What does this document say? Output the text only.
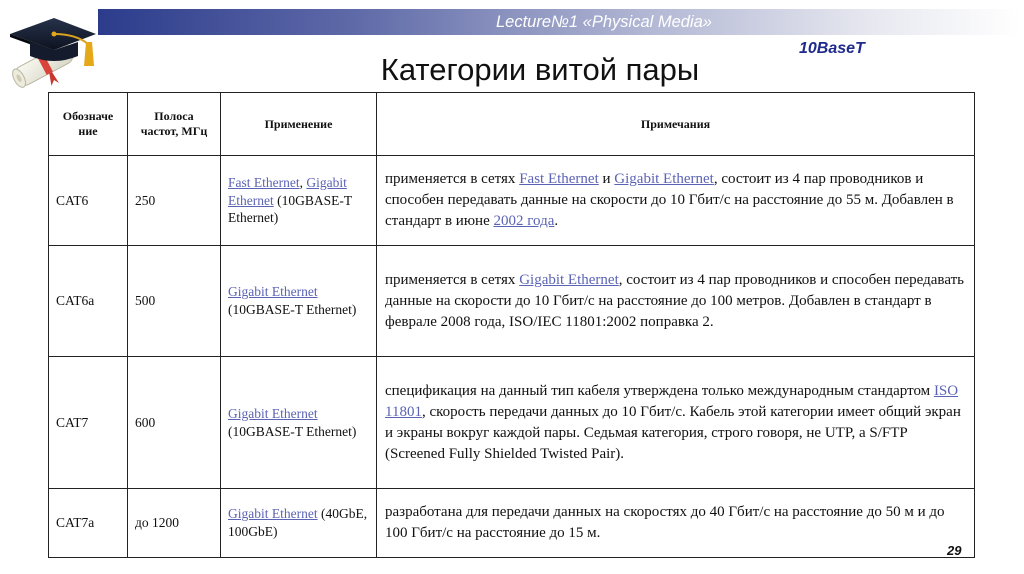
Lecture№1 «Physical Media»
10BaseT
Категории витой пары
Обозначе ние	Полоса частот, МГц	Применение	Примечания
CAT6	250	Fast Ethernet, Gigabit Ethernet (10GBASE-T Ethernet)	применяется в сетях Fast Ethernet и Gigabit Ethernet, состоит из 4 пар проводников и способен передавать данные на скорости до 10 Гбит/с на расстояние до 55 м. Добавлен в стандарт в июне 2002 года.
CAT6a	500	Gigabit Ethernet (10GBASE-T Ethernet)	применяется в сетях Gigabit Ethernet, состоит из 4 пар проводников и способен передавать данные на скорости до 10 Гбит/с на расстояние до 100 метров. Добавлен в стандарт в феврале 2008 года, ISO/IEC 11801:2002 поправка 2.
CAT7	600	Gigabit Ethernet (10GBASE-T Ethernet)	спецификация на данный тип кабеля утверждена только международным стандартом ISO 11801, скорость передачи данных до 10 Гбит/с. Кабель этой категории имеет общий экран и экраны вокруг каждой пары. Седьмая категория, строго говоря, не UTP, а S/FTP (Screened Fully Shielded Twisted Pair).
CAT7a	до 1200	Gigabit Ethernet (40GbE, 100GbE)	разработана для передачи данных на скоростях до 40 Гбит/с на расстояние до 50 м и до 100 Гбит/с на расстояние до 15 м.
29
